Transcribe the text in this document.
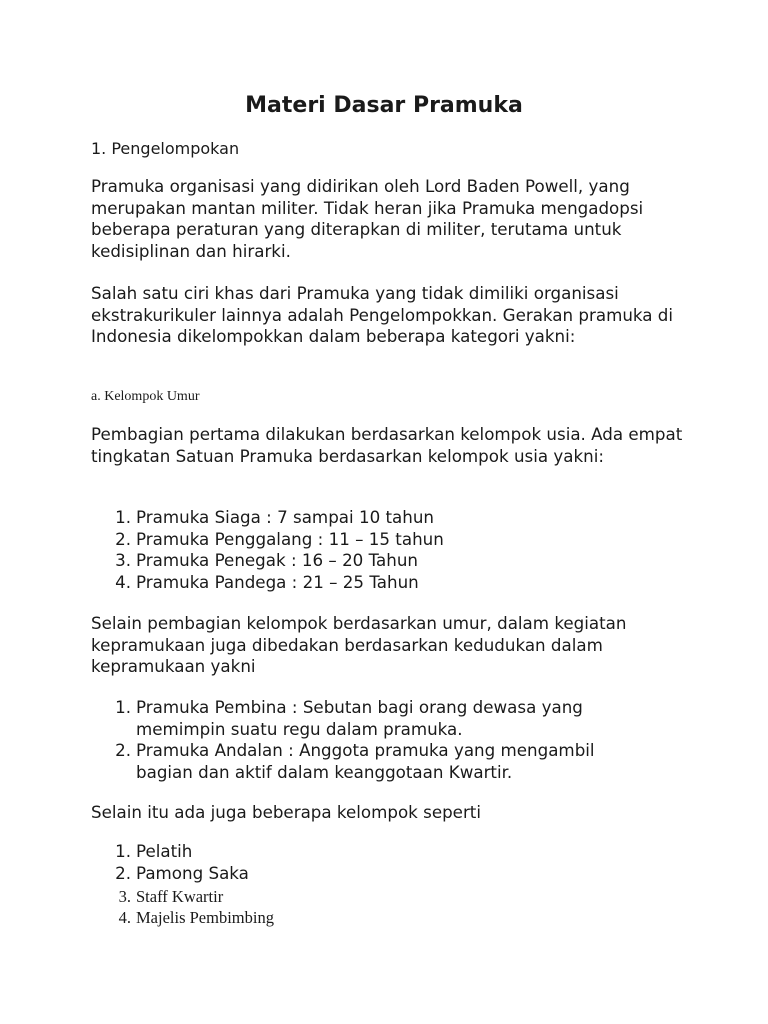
Materi Dasar Pramuka
1. Pengelompokan
Pramuka organisasi yang didirikan oleh Lord Baden Powell, yang merupakan mantan militer. Tidak heran jika Pramuka mengadopsi beberapa peraturan yang diterapkan di militer, terutama untuk kedisiplinan dan hirarki.
Salah satu ciri khas dari Pramuka yang tidak dimiliki organisasi ekstrakurikuler lainnya adalah Pengelompokkan. Gerakan pramuka di Indonesia dikelompokkan dalam beberapa kategori yakni:
a. Kelompok Umur
Pembagian pertama dilakukan berdasarkan kelompok usia. Ada empat tingkatan Satuan Pramuka berdasarkan kelompok usia yakni:
1. Pramuka Siaga : 7 sampai 10 tahun
2. Pramuka Penggalang : 11 – 15 tahun
3. Pramuka Penegak : 16 – 20 Tahun
4. Pramuka Pandega : 21 – 25 Tahun
Selain pembagian kelompok berdasarkan umur, dalam kegiatan kepramukaan juga dibedakan berdasarkan kedudukan dalam kepramukaan yakni
1. Pramuka Pembina : Sebutan bagi orang dewasa yang memimpin suatu regu dalam pramuka.
2. Pramuka Andalan : Anggota pramuka yang mengambil bagian dan aktif dalam keanggotaan Kwartir.
Selain itu ada juga beberapa kelompok seperti
1. Pelatih
2. Pamong Saka
3. Staff Kwartir
4. Majelis Pembimbing
